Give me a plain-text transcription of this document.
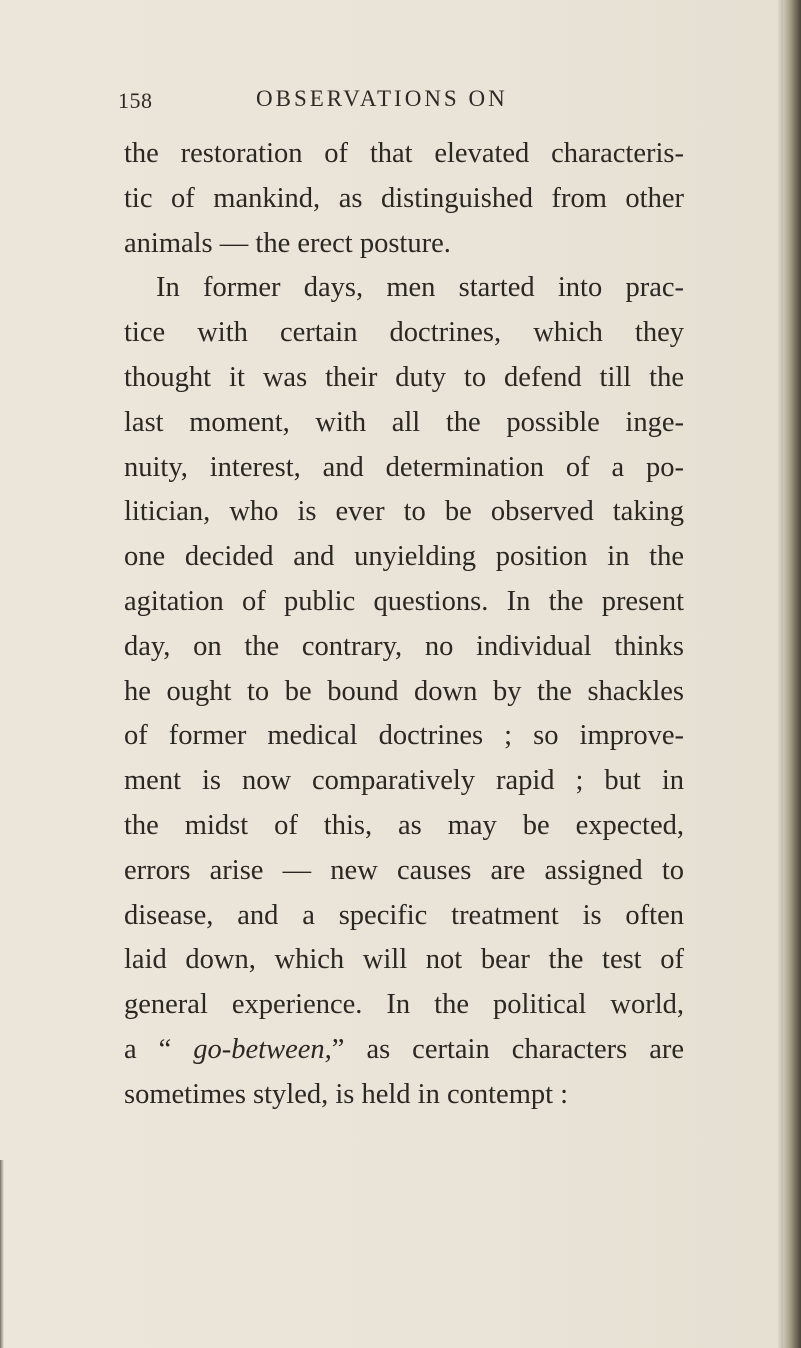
158	OBSERVATIONS ON
the restoration of that elevated characteris-
tic of mankind, as distinguished from other
animals — the erect posture.
In former days, men started into prac-
tice with certain doctrines, which they
thought it was their duty to defend till the
last moment, with all the possible inge-
nuity, interest, and determination of a po-
litician, who is ever to be observed taking
one decided and unyielding position in the
agitation of public questions. In the present
day, on the contrary, no individual thinks
he ought to be bound down by the shackles
of former medical doctrines ; so improve-
ment is now comparatively rapid ; but in
the midst of this, as may be expected,
errors arise — new causes are assigned to
disease, and a specific treatment is often
laid down, which will not bear the test of
general experience. In the political world,
a “ go-between,” as certain characters are
sometimes styled, is held in contempt :
